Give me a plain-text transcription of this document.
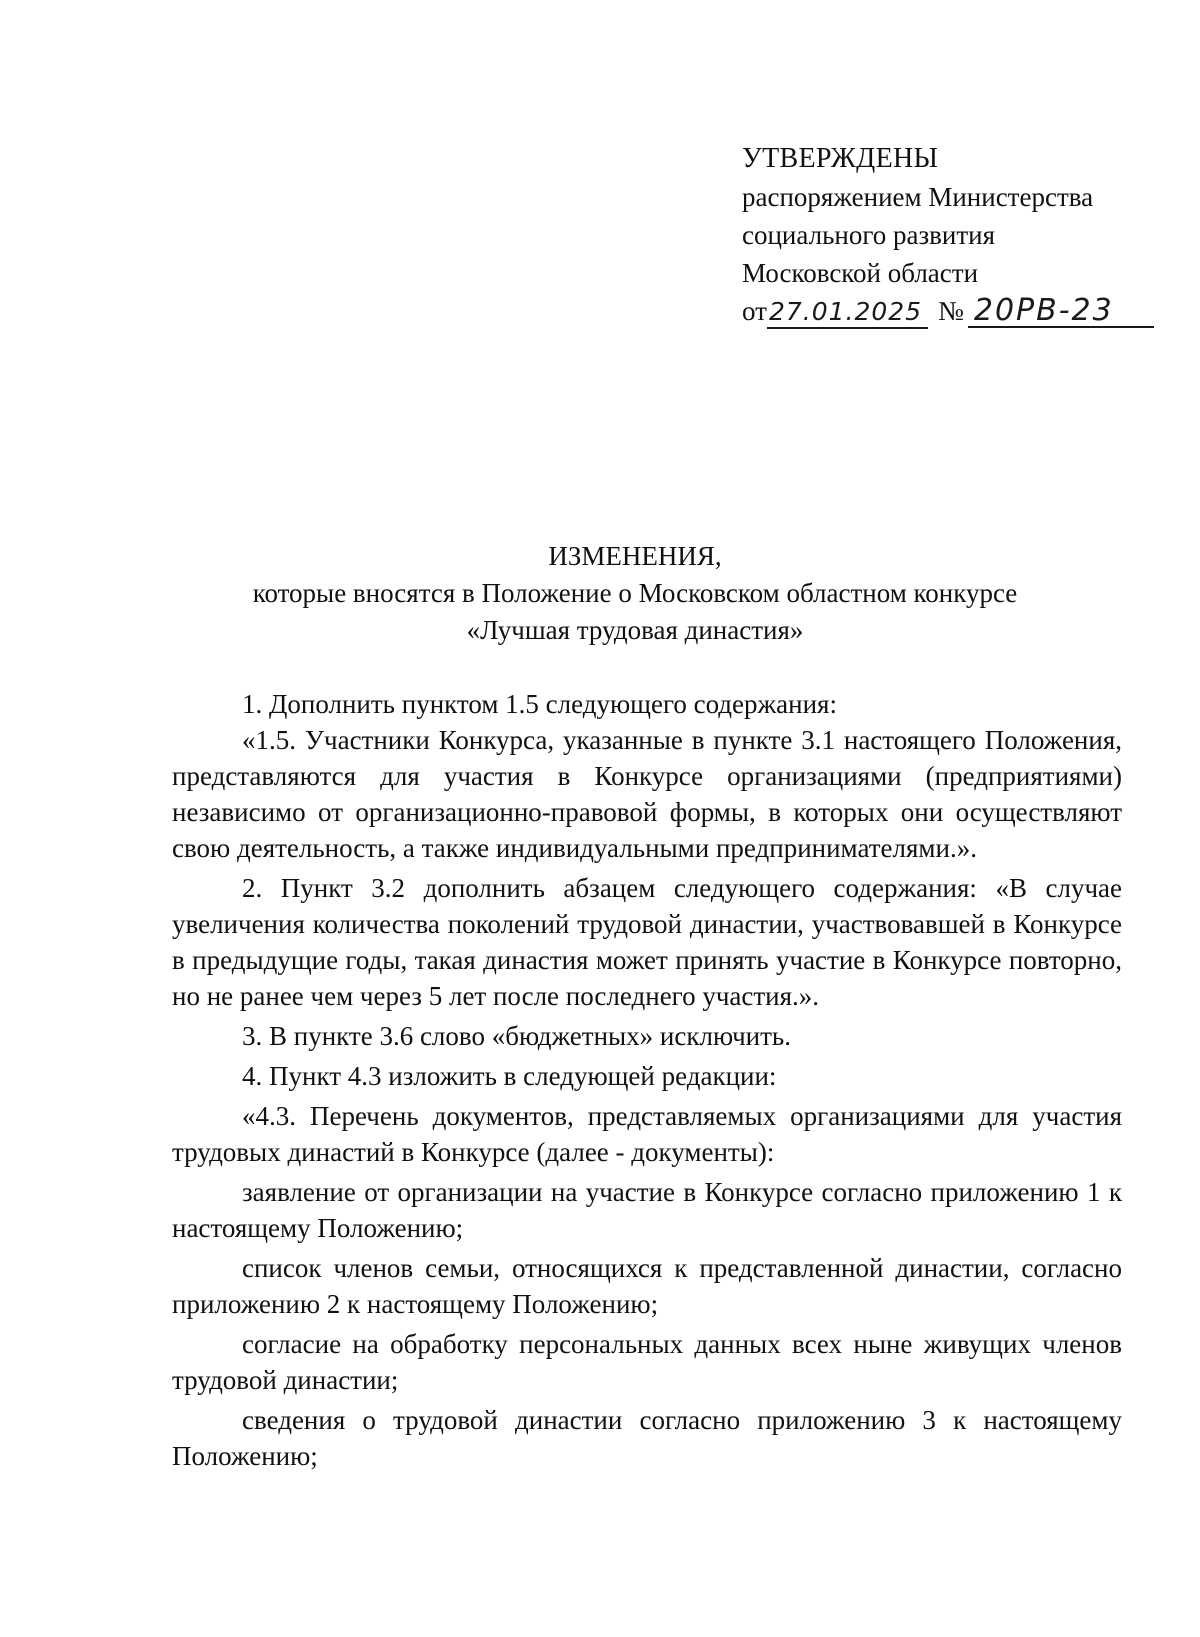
УТВЕРЖДЕНЫ
распоряжением Министерства
социального развития
Московской области
от27.01.2025 № 20РВ-23
ИЗМЕНЕНИЯ,
которые вносятся в Положение о Московском областном конкурсе
«Лучшая трудовая династия»

1. Дополнить пунктом 1.5 следующего содержания:

«1.5. Участники Конкурса, указанные в пункте 3.1 настоящего Положения, представляются для участия в Конкурсе организациями (предприятиями) независимо от организационно-правовой формы, в которых они осуществляют свою деятельность, а также индивидуальными предпринимателями.».

2. Пункт 3.2 дополнить абзацем следующего содержания: «В случае увеличения количества поколений трудовой династии, участвовавшей в Конкурсе в предыдущие годы, такая династия может принять участие в Конкурсе повторно, но не ранее чем через 5 лет после последнего участия.».

3. В пункте 3.6 слово «бюджетных» исключить.

4. Пункт 4.3 изложить в следующей редакции:

«4.3. Перечень документов, представляемых организациями для участия трудовых династий в Конкурсе (далее - документы):

заявление от организации на участие в Конкурсе согласно приложению 1 к настоящему Положению;

список членов семьи, относящихся к представленной династии, согласно приложению 2 к настоящему Положению;

согласие на обработку персональных данных всех ныне живущих членов трудовой династии;

сведения о трудовой династии согласно приложению 3 к настоящему Положению;
